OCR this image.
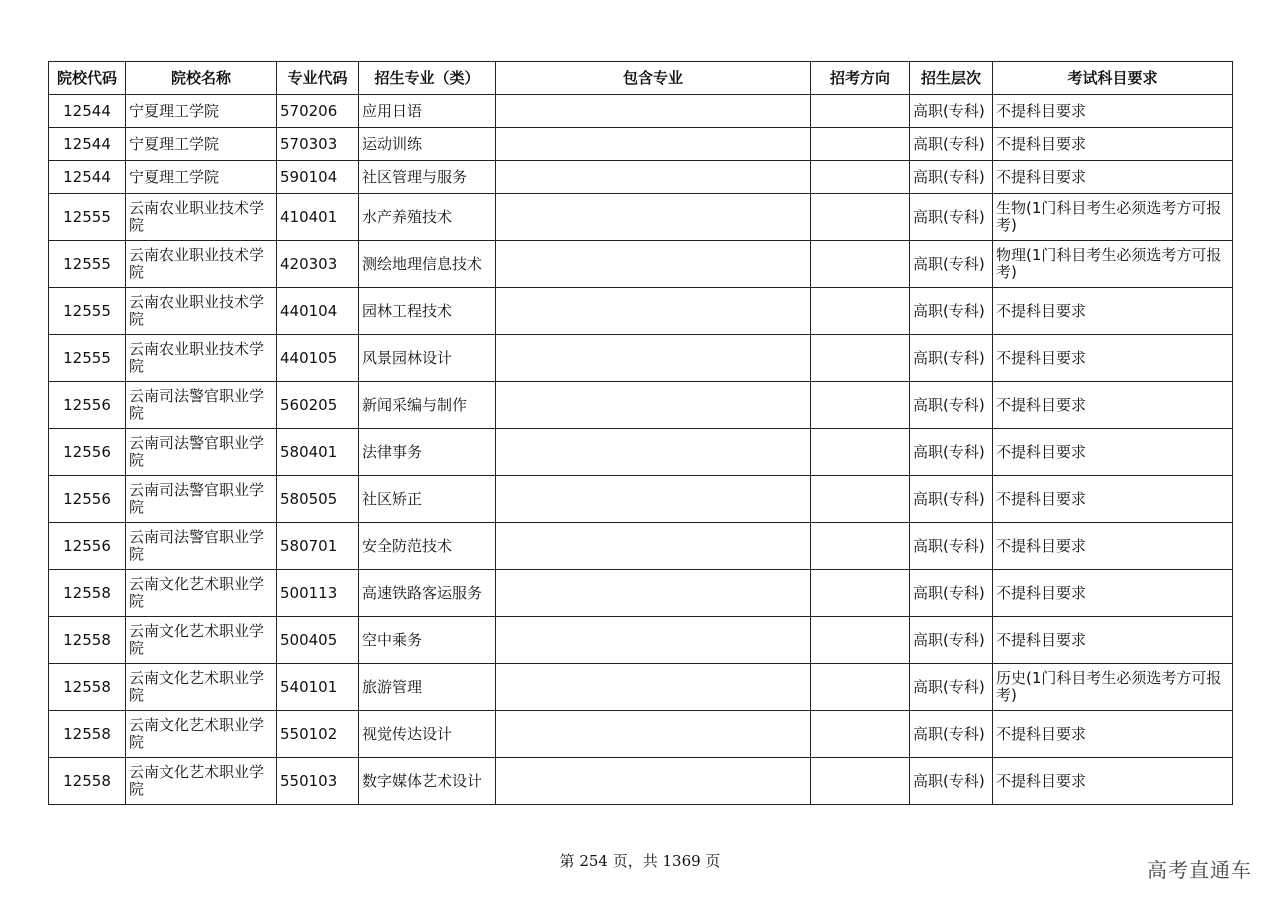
院校代码	院校名称	专业代码	招生专业（类）	包含专业	招考方向	招生层次	考试科目要求
12544	宁夏理工学院	570206	应用日语			高职(专科)	不提科目要求
12544	宁夏理工学院	570303	运动训练			高职(专科)	不提科目要求
12544	宁夏理工学院	590104	社区管理与服务			高职(专科)	不提科目要求
12555	云南农业职业技术学院	410401	水产养殖技术			高职(专科)	生物(1门科目考生必须选考方可报考)
12555	云南农业职业技术学院	420303	测绘地理信息技术			高职(专科)	物理(1门科目考生必须选考方可报考)
12555	云南农业职业技术学院	440104	园林工程技术			高职(专科)	不提科目要求
12555	云南农业职业技术学院	440105	风景园林设计			高职(专科)	不提科目要求
12556	云南司法警官职业学院	560205	新闻采编与制作			高职(专科)	不提科目要求
12556	云南司法警官职业学院	580401	法律事务			高职(专科)	不提科目要求
12556	云南司法警官职业学院	580505	社区矫正			高职(专科)	不提科目要求
12556	云南司法警官职业学院	580701	安全防范技术			高职(专科)	不提科目要求
12558	云南文化艺术职业学院	500113	高速铁路客运服务			高职(专科)	不提科目要求
12558	云南文化艺术职业学院	500405	空中乘务			高职(专科)	不提科目要求
12558	云南文化艺术职业学院	540101	旅游管理			高职(专科)	历史(1门科目考生必须选考方可报考)
12558	云南文化艺术职业学院	550102	视觉传达设计			高职(专科)	不提科目要求
12558	云南文化艺术职业学院	550103	数字媒体艺术设计			高职(专科)	不提科目要求
第 254 页，共 1369 页	高考直通车
